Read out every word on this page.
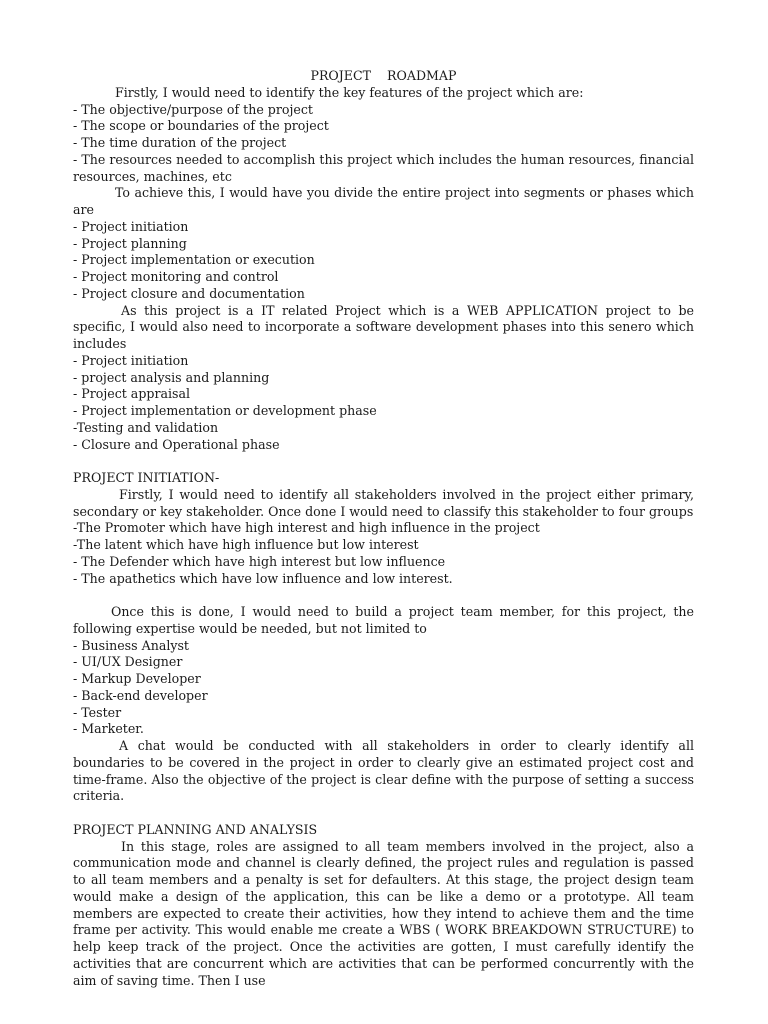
PROJECT    ROADMAP

Firstly, I would need to identify the key features of the project which are:

- The objective/purpose of the project
- The scope or boundaries of the project
- The time duration of the project
- The resources needed to accomplish this project which includes the human resources, financial resources, machines, etc

To achieve this, I would have you divide the entire project into segments or phases which are

- Project initiation
- Project planning
- Project implementation or execution
- Project monitoring and control
- Project closure and documentation

As this project is a IT related Project which is a WEB APPLICATION project to be specific, I would also need to incorporate a software development phases into this senero which includes

- Project initiation
- project analysis and planning
- Project appraisal
- Project implementation or development phase
-Testing and validation
- Closure and Operational phase

PROJECT INITIATION-

Firstly, I would need to identify all stakeholders involved in the project either primary, secondary or key stakeholder. Once done I would need to classify this stakeholder to four groups

-The Promoter which have high interest and high influence in the project
-The latent which have high influence but low interest
- The Defender which have high interest but low influence
- The apathetics which have low influence and low interest.

Once this is done, I would need to build a project team member, for this project, the following expertise would be needed, but not limited to

- Business Analyst
- UI/UX Designer
- Markup Developer
- Back-end developer
- Tester
- Marketer.

A chat would be conducted with all stakeholders in order to clearly identify all boundaries to be covered in the project in order to clearly give an estimated project cost and time-frame. Also the objective of the project is clear define with the purpose of setting a success criteria.

PROJECT PLANNING AND ANALYSIS

In this stage, roles are assigned to all team members involved in the project, also a communication mode and channel is clearly defined, the project rules and regulation is passed to all team members and a penalty is set for defaulters. At this stage, the project design team would make a design of the application, this can be like a demo or a prototype. All team members are expected to create their activities, how they intend to achieve them and the time frame per activity. This would enable me create a WBS ( WORK BREAKDOWN STRUCTURE) to help keep track of the project. Once the activities are gotten, I must carefully identify the activities that are concurrent which are activities that can be performed concurrently with the aim of saving time. Then I use
